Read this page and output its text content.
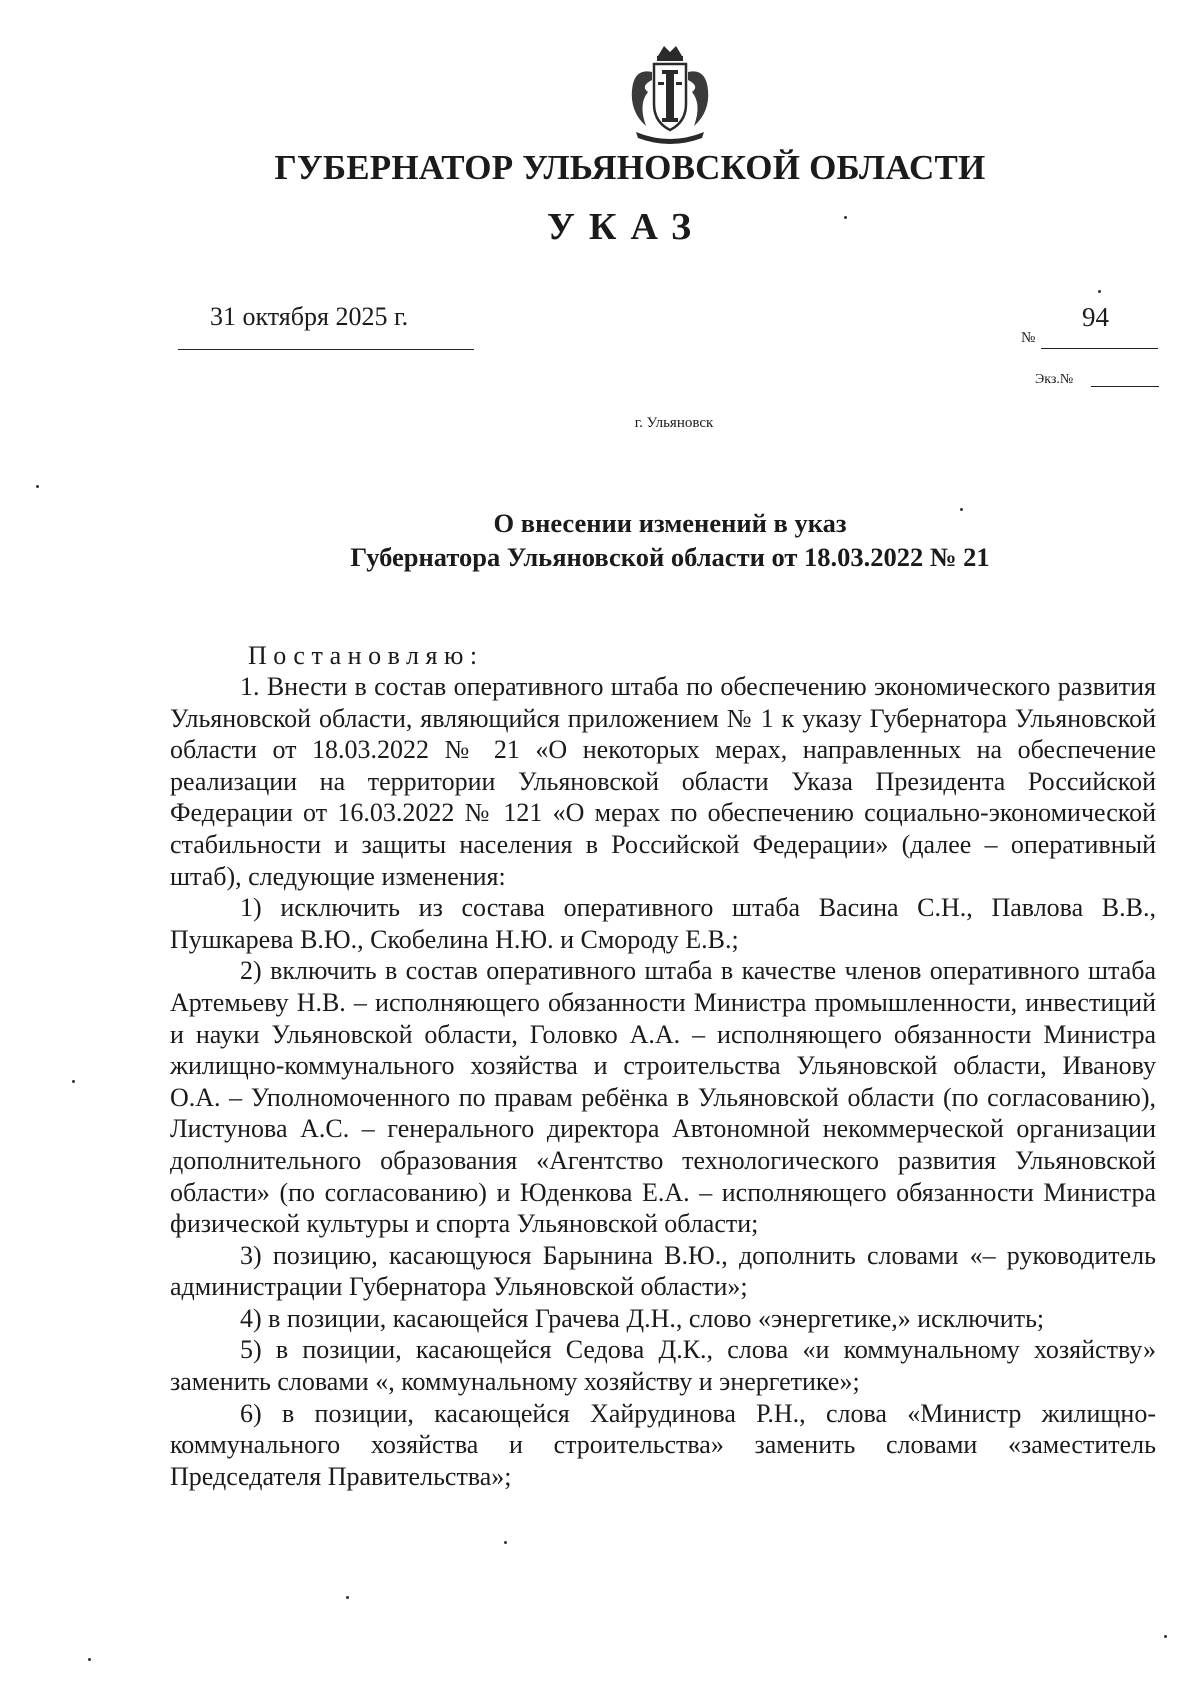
ГУБЕРНАТОР УЛЬЯНОВСКОЙ ОБЛАСТИ
УКАЗ
31 октября 2025 г.
№
94
Экз.№
г. Ульяновск
О внесении изменений в указ
Губернатора Ульяновской области от 18.03.2022 № 21
Постановляю:

1. Внести в состав оперативного штаба по обеспечению экономического развития Ульяновской области, являющийся приложением № 1 к указу Губернатора Ульяновской области от 18.03.2022 № 21 «О некоторых мерах, направленных на обеспечение реализации на территории Ульяновской области Указа Президента Российской Федерации от 16.03.2022 № 121 «О мерах по обеспечению социально-экономической стабильности и защиты населения в Российской Федерации» (далее – оперативный штаб), следующие изменения:

1) исключить из состава оперативного штаба Васина С.Н., Павлова В.В., Пушкарева В.Ю., Скобелина Н.Ю. и Смороду Е.В.;

2) включить в состав оперативного штаба в качестве членов оперативного штаба Артемьеву Н.В. – исполняющего обязанности Министра промышленности, инвестиций и науки Ульяновской области, Головко А.А. – исполняющего обязанности Министра жилищно-коммунального хозяйства и строительства Ульяновской области, Иванову О.А. – Уполномоченного по правам ребёнка в Ульяновской области (по согласованию), Листунова А.С. – генерального директора Автономной некоммерческой организации дополнительного образования «Агентство технологического развития Ульяновской области» (по согласованию) и Юденкова Е.А. – исполняющего обязанности Министра физической культуры и спорта Ульяновской области;

3) позицию, касающуюся Барынина В.Ю., дополнить словами «– руководитель администрации Губернатора Ульяновской области»;

4) в позиции, касающейся Грачева Д.Н., слово «энергетике,» исключить;

5) в позиции, касающейся Седова Д.К., слова «и коммунальному хозяйству» заменить словами «, коммунальному хозяйству и энергетике»;

6) в позиции, касающейся Хайрудинова Р.Н., слова «Министр жилищно-коммунального хозяйства и строительства» заменить словами «заместитель Председателя Правительства»;
